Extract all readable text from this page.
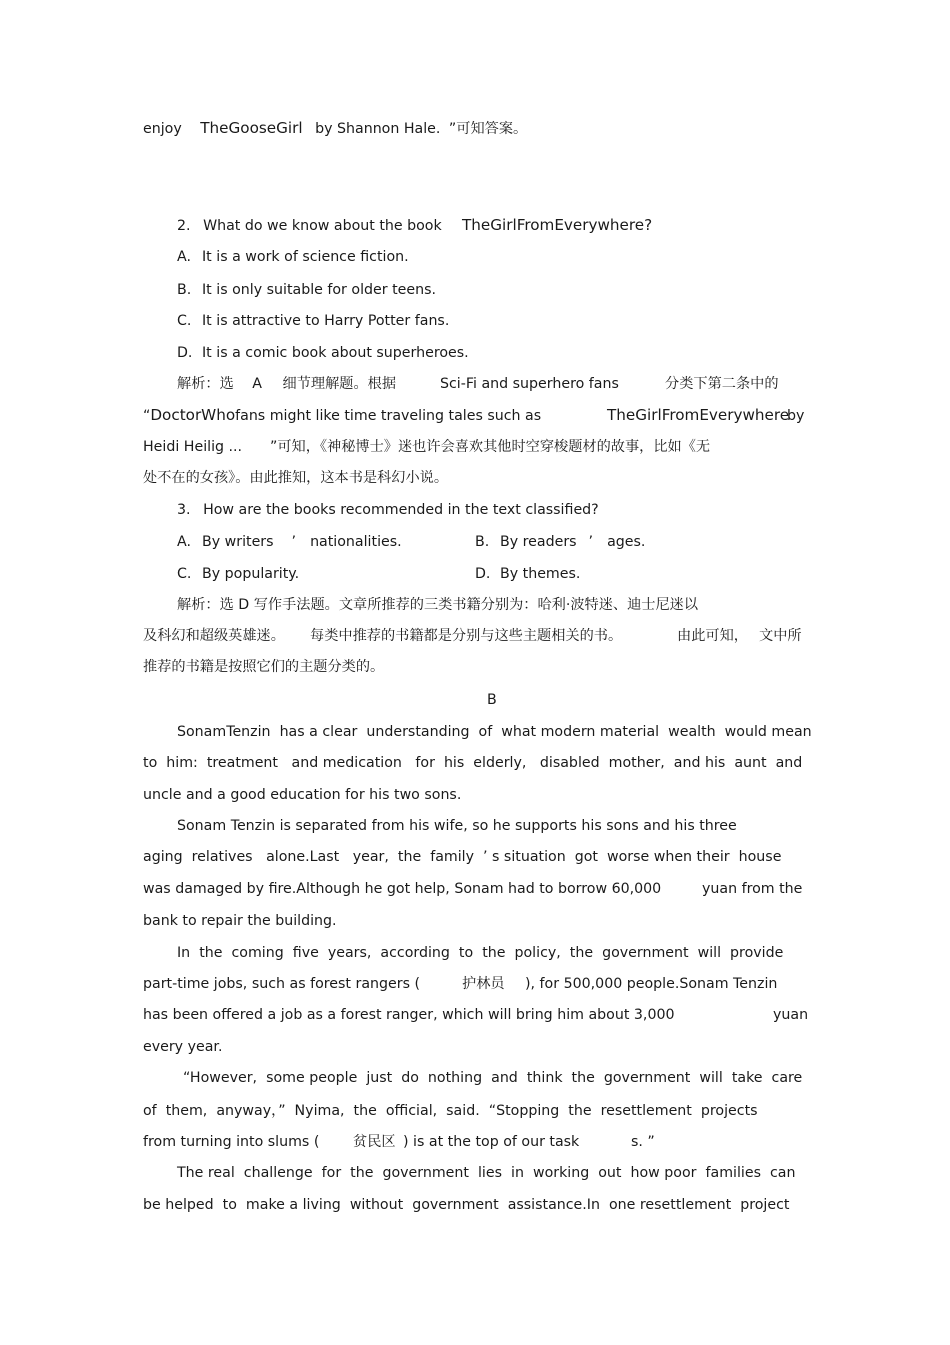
enjoy TheGooseGirl by Shannon Hale. ”可知答案。
2. What do we know about the book TheGirlFromEverywhere?
A. It is a work of science fiction.
B. It is only suitable for older teens.
C. It is attractive to Harry Potter fans.
D. It is a comic book about superheroes.
解析：选 A 细节理解题。根据	Sci-Fi and superhero fans	分类下第二条中的
“DoctorWhofans might like time traveling tales such as	TheGirlFromEverywhere
by
Heidi Heilig ... ”可知，《神秘博士》迷也许会喜欢其他时空穿梭题材的故事，比如《无
处不在的女孩》。由此推知，这本书是科幻小说。
3. How are the books recommended in the text classified?
A. By writers ’ nationalities.	B. By readers ’ ages.
C. By popularity.	D. By themes.
解析：选 D 写作手法题。文章所推荐的三类书籍分别为：哈利·波特迷、迪士尼迷以
及科幻和超级英雄迷。 每类中推荐的书籍都是分别与这些主题相关的书。	由此可知， 文中所
推荐的书籍是按照它们的主题分类的。
B
SonamTenzin  has a clear  understanding  of  what modern material  wealth  would mean
to  him:  treatment   and medication   for  his  elderly,   disabled  mother,  and his  aunt  and
uncle and a good education for his two sons.
Sonam Tenzin is separated from his wife, so he supports his sons and his three
aging  relatives   alone.Last   year,  the  family  ’ s situation  got  worse when their  house
was damaged by fire.Although he got help, Sonam had to borrow 60,000	yuan from the
bank to repair the building.
In  the  coming  five  years,  according  to  the  policy,  the  government  will  provide
part-time jobs, such as forest rangers (	护林员 ), for 500,000 people.Sonam Tenzin
has been offered a job as a forest ranger, which will bring him about 3,000	yuan
every year.
“However,  some people  just  do  nothing  and  think  the  government  will  take  care
of  them,  anyway，”  Nyima,  the  official,  said.  “Stopping  the  resettlement  projects
from turning into slums ( 贫民区 ) is at the top of our task	s. ”
The real  challenge  for  the  government  lies  in  working  out  how poor  families  can
be helped  to  make a living  without  government  assistance.In  one resettlement  project
